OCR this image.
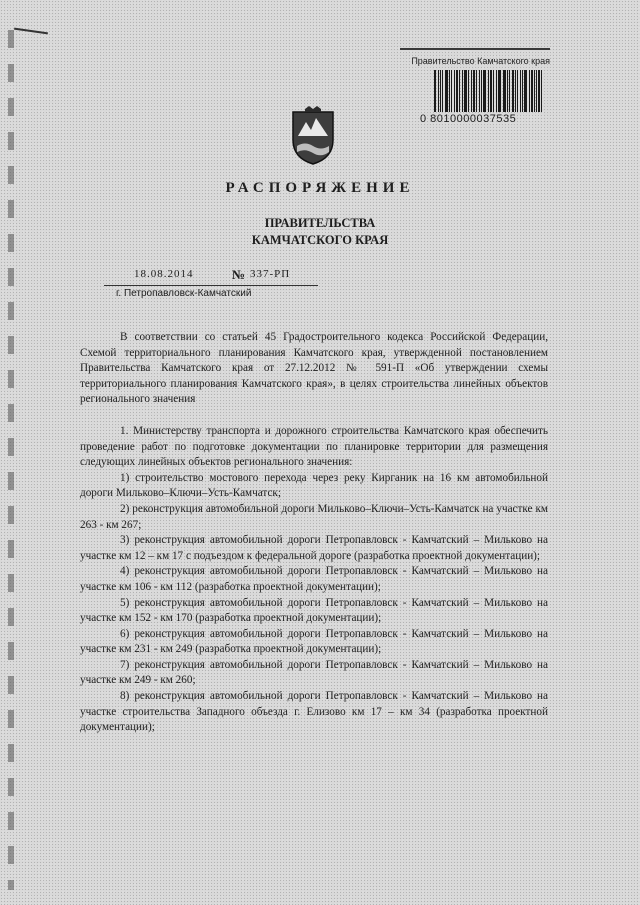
Правительство Камчатского края
0 8010000037535
РАСПОРЯЖЕНИЕ
ПРАВИТЕЛЬСТВА
КАМЧАТСКОГО КРАЯ
18.08.2014	№ 337-РП
г. Петропавловск-Камчатский

В соответствии со статьей 45 Градостроительного кодекса Российской Федерации, Схемой территориального планирования Камчатского края, утвержденной постановлением Правительства Камчатского края от 27.12.2012 № 591-П «Об утверждении схемы территориального планирования Камчатского края», в целях строительства линейных объектов регионального значения

1. Министерству транспорта и дорожного строительства Камчатского края обеспечить проведение работ по подготовке документации по планировке территории для размещения следующих линейных объектов регионального значения:

1) строительство мостового перехода через реку Кирганик на 16 км автомобильной дороги Мильково–Ключи–Усть-Камчатск;

2) реконструкция автомобильной дороги Мильково–Ключи–Усть-Камчатск на участке км 263 - км 267;

3) реконструкция автомобильной дороги Петропавловск - Камчатский – Мильково на участке км 12 – км 17 с подъездом к федеральной дороге (разработка проектной документации);

4) реконструкция автомобильной дороги Петропавловск - Камчатский – Мильково на участке км 106 - км 112 (разработка проектной документации);

5) реконструкция автомобильной дороги Петропавловск - Камчатский – Мильково на участке км 152 - км 170 (разработка проектной документации);

6) реконструкция автомобильной дороги Петропавловск - Камчатский – Мильково на участке км 231 - км 249 (разработка проектной документации);

7) реконструкция автомобильной дороги Петропавловск - Камчатский – Мильково на участке км 249 - км 260;

8) реконструкция автомобильной дороги Петропавловск - Камчатский – Мильково на участке строительства Западного объезда г. Елизово км 17 – км 34 (разработка проектной документации);
